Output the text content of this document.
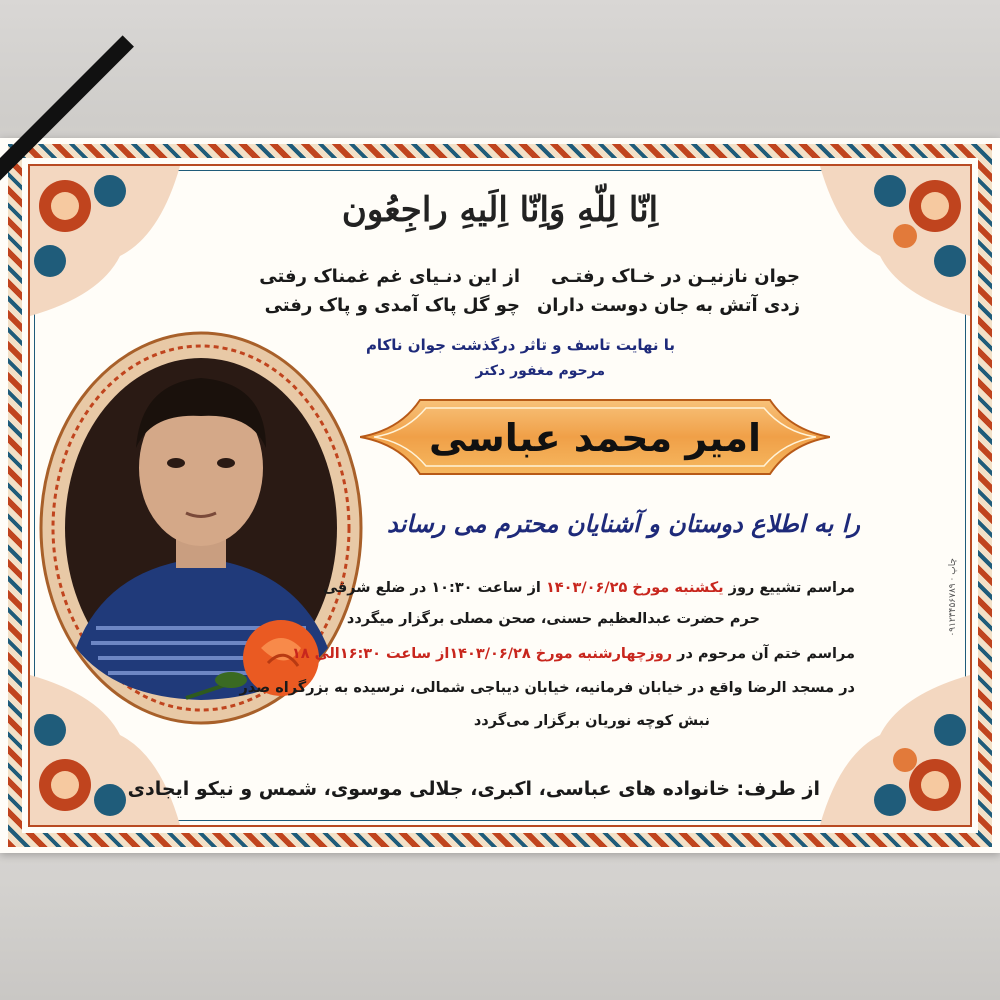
اِنّا لِلّهِ وَاِنّا اِلَیهِ راجِعُون
جوان نازنیـن در خـاک رفتـی
از این دنـیای غم غمناک رفتی
زدی آتش به جان دوست داران
چو گل پاک آمدی و پاک رفتی
با نهایت تاسف و تاثر درگذشت جوان ناکام
مرحوم مغفور دکتر
امیر محمد عباسی
را به اطلاع دوستان و آشنایان محترم می رساند
مراسم تشییع روز یکشنبه مورخ ۱۴۰۳/۰۶/۲۵ از ساعت ۱۰:۳۰ در ضلع شرقی
حرم حضرت عبدالعظیم حسنی، صحن مصلی برگزار میگردد
مراسم ختم آن مرحوم در روزچهارشنبه مورخ ۱۴۰۳/۰۶/۲۸از ساعت ۱۶:۳۰الی ۱۸
در مسجد الرضا واقع در خیابان فرمانیه، خیابان دیباجی شمالی، نرسیده به بزرگراه صدر
نبش کوچه نوریان برگزار می‌گردد
از طرف: خانواده های عباسی، اکبری، جلالی موسوی، شمس و نیکو ایجادی
۰۹۱۲۳۴۵۶۷۸۹ · چاپ
